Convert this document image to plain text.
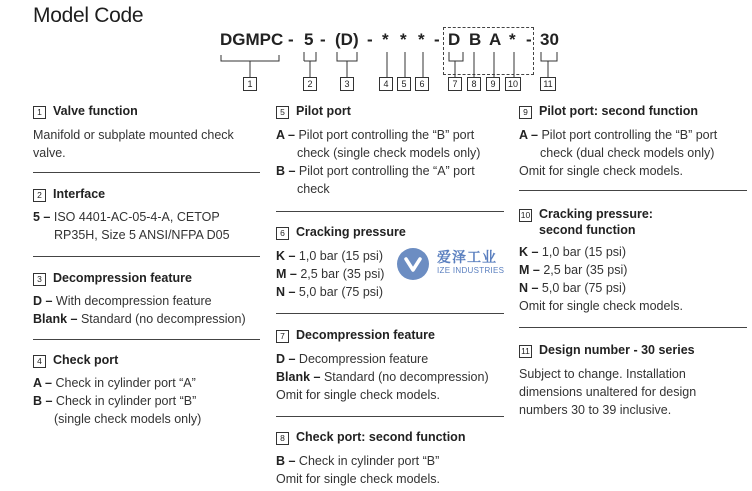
Model Code
DGMPC - 5 - (D) - * * * - D B A * - 30
1	2	3	4	5	6	7	8	9	10	11
1 Valve function
Manifold or subplate mounted check
valve.
2 Interface
5 – ISO 4401-AC-05-4-A, CETOP
RP35H, Size 5 ANSI/NFPA D05
3 Decompression feature
D – With decompression feature
Blank – Standard (no decompression)
4 Check port
A – Check in cylinder port “A”
B – Check in cylinder port “B”
(single check models only)
5 Pilot port
A – Pilot port controlling the “B” port
check (single check models only)
B – Pilot port controlling the “A” port
check
6 Cracking pressure
K – 1,0 bar (15 psi)
M – 2,5 bar (35 psi)
N – 5,0 bar (75 psi)
7 Decompression feature
D – Decompression feature
Blank – Standard (no decompression)
Omit for single check models.
8 Check port: second function
B – Check in cylinder port “B”
Omit for single check models.
爱泽工业
IZE INDUSTRIES
9 Pilot port: second function
A – Pilot port controlling the “B” port
check (dual check models only)
Omit for single check models.
10 Cracking pressure:
second function
K – 1,0 bar (15 psi)
M – 2,5 bar (35 psi)
N – 5,0 bar (75 psi)
Omit for single check models.
11 Design number - 30 series
Subject to change. Installation
dimensions unaltered for design
numbers 30 to 39 inclusive.
